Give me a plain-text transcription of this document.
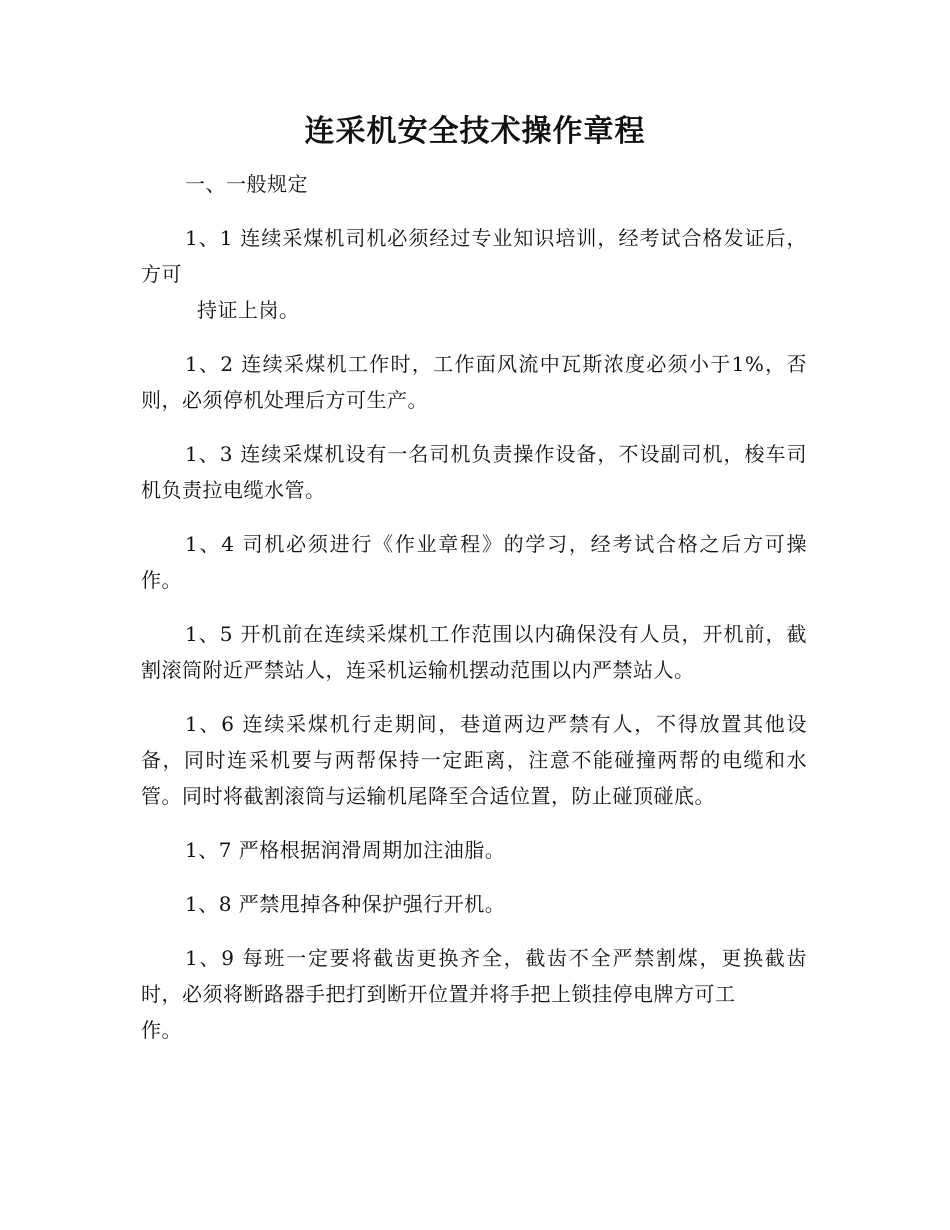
连采机安全技术操作章程

一、一般规定

1、1 连续采煤机司机必须经过专业知识培训，经考试合格发证后，方可

持证上岗。

1、2 连续采煤机工作时，工作面风流中瓦斯浓度必须小于1%，否则，必须停机处理后方可生产。

1、3 连续采煤机设有一名司机负责操作设备，不设副司机，梭车司机负责拉电缆水管。

1、4 司机必须进行《作业章程》的学习，经考试合格之后方可操作。

1、5 开机前在连续采煤机工作范围以内确保没有人员，开机前，截割滚筒附近严禁站人，连采机运输机摆动范围以内严禁站人。

1、6 连续采煤机行走期间，巷道两边严禁有人，不得放置其他设备，同时连采机要与两帮保持一定距离，注意不能碰撞两帮的电缆和水管。同时将截割滚筒与运输机尾降至合适位置，防止碰顶碰底。

1、7 严格根据润滑周期加注油脂。

1、8 严禁甩掉各种保护强行开机。

1、9 每班一定要将截齿更换齐全，截齿不全严禁割煤，更换截齿时，必须将断路器手把打到断开位置并将手把上锁挂停电牌方可工

作。
